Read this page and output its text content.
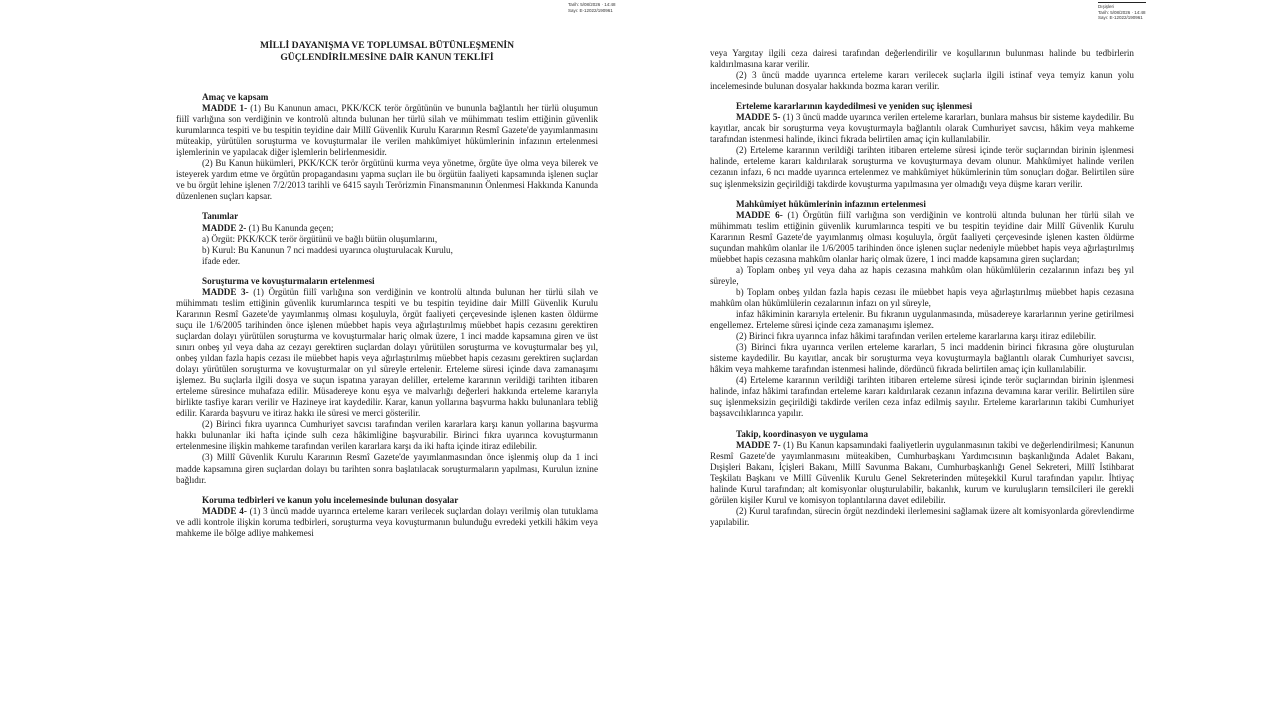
Tarih: 5/08/2026 · 14:48
Sayı: E-12022/190961
MİLLİ DAYANIŞMA VE TOPLUMSAL BÜTÜNLEŞMENİN
GÜÇLENDİRİLMESİNE DAİR KANUN TEKLİFİ
Amaç ve kapsam

MADDE 1- (1) Bu Kanunun amacı, PKK/KCK terör örgütünün ve bununla bağlantılı her türlü oluşumun fiilî varlığına son verdiğinin ve kontrolü altında bulunan her türlü silah ve mühimmatı teslim ettiğinin güvenlik kurumlarınca tespiti ve bu tespitin teyidine dair Millî Güvenlik Kurulu Kararının Resmî Gazete'de yayımlanmasını müteakip, yürütülen soruşturma ve kovuşturmalar ile verilen mahkûmiyet hükümlerinin infazının ertelenmesi işlemlerinin ve yapılacak diğer işlemlerin belirlenmesidir.

(2) Bu Kanun hükümleri, PKK/KCK terör örgütünü kurma veya yönetme, örgüte üye olma veya bilerek ve isteyerek yardım etme ve örgütün propagandasını yapma suçları ile bu örgütün faaliyeti kapsamında işlenen suçlar ve bu örgüt lehine işlenen 7/2/2013 tarihli ve 6415 sayılı Terörizmin Finansmanının Önlenmesi Hakkında Kanunda düzenlenen suçları kapsar.

Tanımlar

MADDE 2- (1) Bu Kanunda geçen;

a) Örgüt: PKK/KCK terör örgütünü ve bağlı bütün oluşumlarını,

b) Kurul: Bu Kanunun 7 nci maddesi uyarınca oluşturulacak Kurulu,

ifade eder.

Soruşturma ve kovuşturmaların ertelenmesi

MADDE 3- (1) Örgütün fiilî varlığına son verdiğinin ve kontrolü altında bulunan her türlü silah ve mühimmatı teslim ettiğinin güvenlik kurumlarınca tespiti ve bu tespitin teyidine dair Millî Güvenlik Kurulu Kararının Resmî Gazete'de yayımlanmış olması koşuluyla, örgüt faaliyeti çerçevesinde işlenen kasten öldürme suçu ile 1/6/2005 tarihinden önce işlenen müebbet hapis veya ağırlaştırılmış müebbet hapis cezasını gerektiren suçlardan dolayı yürütülen soruşturma ve kovuşturmalar hariç olmak üzere, 1 inci madde kapsamına giren ve üst sınırı onbeş yıl veya daha az cezayı gerektiren suçlardan dolayı yürütülen soruşturma ve kovuşturmalar beş yıl, onbeş yıldan fazla hapis cezası ile müebbet hapis veya ağırlaştırılmış müebbet hapis cezasını gerektiren suçlardan dolayı yürütülen soruşturma ve kovuşturmalar on yıl süreyle ertelenir. Erteleme süresi içinde dava zamanaşımı işlemez. Bu suçlarla ilgili dosya ve suçun ispatına yarayan deliller, erteleme kararının verildiği tarihten itibaren erteleme süresince muhafaza edilir. Müsadereye konu eşya ve malvarlığı değerleri hakkında erteleme kararıyla birlikte tasfiye kararı verilir ve Hazineye irat kaydedilir. Karar, kanun yollarına başvurma hakkı bulunanlara tebliğ edilir. Kararda başvuru ve itiraz hakkı ile süresi ve merci gösterilir.

(2) Birinci fıkra uyarınca Cumhuriyet savcısı tarafından verilen kararlara karşı kanun yollarına başvurma hakkı bulunanlar iki hafta içinde sulh ceza hâkimliğine başvurabilir. Birinci fıkra uyarınca kovuşturmanın ertelenmesine ilişkin mahkeme tarafından verilen kararlara karşı da iki hafta içinde itiraz edilebilir.

(3) Millî Güvenlik Kurulu Kararının Resmî Gazete'de yayımlanmasından önce işlenmiş olup da 1 inci madde kapsamına giren suçlardan dolayı bu tarihten sonra başlatılacak soruşturmaların yapılması, Kurulun iznine bağlıdır.

Koruma tedbirleri ve kanun yolu incelemesinde bulunan dosyalar

MADDE 4- (1) 3 üncü madde uyarınca erteleme kararı verilecek suçlardan dolayı verilmiş olan tutuklama ve adli kontrole ilişkin koruma tedbirleri, soruşturma veya kovuşturmanın bulunduğu evredeki yetkili hâkim veya mahkeme ile bölge adliye mahkemesi

Dışişleri
Tarih: 5/08/2026 · 14:48
Sayı: E-12022/190961

veya Yargıtay ilgili ceza dairesi tarafından değerlendirilir ve koşullarının bulunması halinde bu tedbirlerin kaldırılmasına karar verilir.

(2) 3 üncü madde uyarınca erteleme kararı verilecek suçlarla ilgili istinaf veya temyiz kanun yolu incelemesinde bulunan dosyalar hakkında bozma kararı verilir.

Erteleme kararlarının kaydedilmesi ve yeniden suç işlenmesi

MADDE 5- (1) 3 üncü madde uyarınca verilen erteleme kararları, bunlara mahsus bir sisteme kaydedilir. Bu kayıtlar, ancak bir soruşturma veya kovuşturmayla bağlantılı olarak Cumhuriyet savcısı, hâkim veya mahkeme tarafından istenmesi halinde, ikinci fıkrada belirtilen amaç için kullanılabilir.

(2) Erteleme kararının verildiği tarihten itibaren erteleme süresi içinde terör suçlarından birinin işlenmesi halinde, erteleme kararı kaldırılarak soruşturma ve kovuşturmaya devam olunur. Mahkûmiyet halinde verilen cezanın infazı, 6 ncı madde uyarınca ertelenmez ve mahkûmiyet hükümlerinin tüm sonuçları doğar. Belirtilen süre suç işlenmeksizin geçirildiği takdirde kovuşturma yapılmasına yer olmadığı veya düşme kararı verilir.

Mahkûmiyet hükümlerinin infazının ertelenmesi

MADDE 6- (1) Örgütün fiilî varlığına son verdiğinin ve kontrolü altında bulunan her türlü silah ve mühimmatı teslim ettiğinin güvenlik kurumlarınca tespiti ve bu tespitin teyidine dair Millî Güvenlik Kurulu Kararının Resmî Gazete'de yayımlanmış olması koşuluyla, örgüt faaliyeti çerçevesinde işlenen kasten öldürme suçundan mahkûm olanlar ile 1/6/2005 tarihinden önce işlenen suçlar nedeniyle müebbet hapis veya ağırlaştırılmış müebbet hapis cezasına mahkûm olanlar hariç olmak üzere, 1 inci madde kapsamına giren suçlardan;

a) Toplam onbeş yıl veya daha az hapis cezasına mahkûm olan hükümlülerin cezalarının infazı beş yıl süreyle,

b) Toplam onbeş yıldan fazla hapis cezası ile müebbet hapis veya ağırlaştırılmış müebbet hapis cezasına mahkûm olan hükümlülerin cezalarının infazı on yıl süreyle,

infaz hâkiminin kararıyla ertelenir. Bu fıkranın uygulanmasında, müsadereye kararlarının yerine getirilmesi engellemez. Erteleme süresi içinde ceza zamanaşımı işlemez.

(2) Birinci fıkra uyarınca infaz hâkimi tarafından verilen erteleme kararlarına karşı itiraz edilebilir.

(3) Birinci fıkra uyarınca verilen erteleme kararları, 5 inci maddenin birinci fıkrasına göre oluşturulan sisteme kaydedilir. Bu kayıtlar, ancak bir soruşturma veya kovuşturmayla bağlantılı olarak Cumhuriyet savcısı, hâkim veya mahkeme tarafından istenmesi halinde, dördüncü fıkrada belirtilen amaç için kullanılabilir.

(4) Erteleme kararının verildiği tarihten itibaren erteleme süresi içinde terör suçlarından birinin işlenmesi halinde, infaz hâkimi tarafından erteleme kararı kaldırılarak cezanın infazına devamına karar verilir. Belirtilen süre suç işlenmeksizin geçirildiği takdirde verilen ceza infaz edilmiş sayılır. Erteleme kararlarının takibi Cumhuriyet başsavcılıklarınca yapılır.

Takip, koordinasyon ve uygulama

MADDE 7- (1) Bu Kanun kapsamındaki faaliyetlerin uygulanmasının takibi ve değerlendirilmesi; Kanunun Resmî Gazete'de yayımlanmasını müteakiben, Cumhurbaşkanı Yardımcısının başkanlığında Adalet Bakanı, Dışişleri Bakanı, İçişleri Bakanı, Millî Savunma Bakanı, Cumhurbaşkanlığı Genel Sekreteri, Millî İstihbarat Teşkilatı Başkanı ve Millî Güvenlik Kurulu Genel Sekreterinden müteşekkil Kurul tarafından yapılır. İhtiyaç halinde Kurul tarafından; alt komisyonlar oluşturulabilir, bakanlık, kurum ve kuruluşların temsilcileri ile gerekli görülen kişiler Kurul ve komisyon toplantılarına davet edilebilir.

(2) Kurul tarafından, sürecin örgüt nezdindeki ilerlemesini sağlamak üzere alt komisyonlarda görevlendirme yapılabilir.
